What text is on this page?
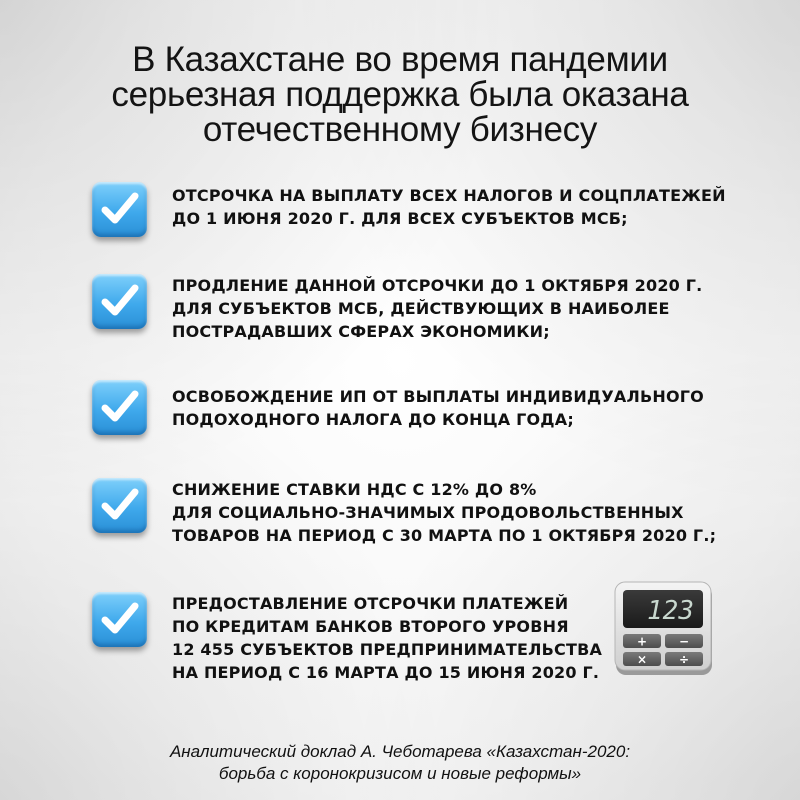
В Казахстане во время пандемии
серьезная поддержка была оказана
отечественному бизнесу
ОТСРОЧКА НА ВЫПЛАТУ ВСЕХ НАЛОГОВ И СОЦПЛАТЕЖЕЙ
ДО 1 ИЮНЯ 2020 Г. ДЛЯ ВСЕХ СУБЪЕКТОВ МСБ;
ПРОДЛЕНИЕ ДАННОЙ ОТСРОЧКИ ДО 1 ОКТЯБРЯ 2020 Г.
ДЛЯ СУБЪЕКТОВ МСБ, ДЕЙСТВУЮЩИХ В НАИБОЛЕЕ
ПОСТРАДАВШИХ СФЕРАХ ЭКОНОМИКИ;
ОСВОБОЖДЕНИЕ ИП ОТ ВЫПЛАТЫ ИНДИВИДУАЛЬНОГО
ПОДОХОДНОГО НАЛОГА ДО КОНЦА ГОДА;
СНИЖЕНИЕ СТАВКИ НДС С 12% ДО 8%
ДЛЯ СОЦИАЛЬНО-ЗНАЧИМЫХ ПРОДОВОЛЬСТВЕННЫХ
ТОВАРОВ НА ПЕРИОД С 30 МАРТА ПО 1 ОКТЯБРЯ 2020 Г.;
ПРЕДОСТАВЛЕНИЕ ОТСРОЧКИ ПЛАТЕЖЕЙ
ПО КРЕДИТАМ БАНКОВ ВТОРОГО УРОВНЯ
12 455 СУБЪЕКТОВ ПРЕДПРИНИМАТЕЛЬСТВА
НА ПЕРИОД С 16 МАРТА ДО 15 ИЮНЯ 2020 Г.
123
+	−
×	÷
Аналитический доклад А. Чеботарева «Казахстан-2020:
борьба с коронокризисом и новые реформы»
